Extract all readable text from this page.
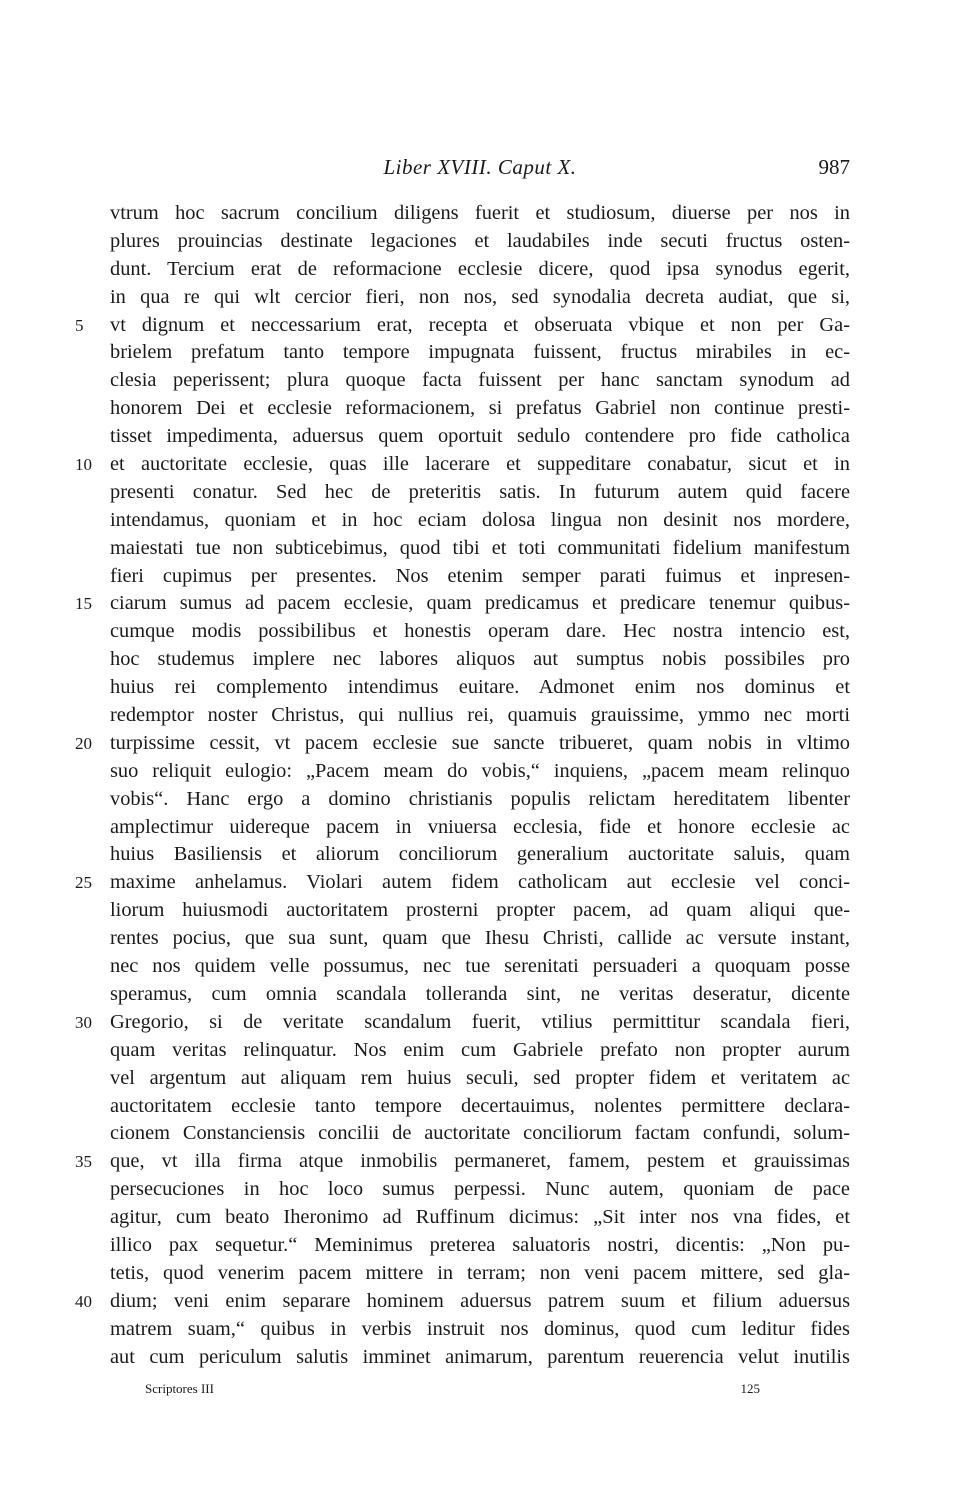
Liber XVIII. Caput X.	987
vtrum hoc sacrum concilium diligens fuerit et studiosum, diuerse per nos in
plures prouincias destinate legaciones et laudabiles inde secuti fructus osten-
dunt. Tercium erat de reformacione ecclesie dicere, quod ipsa synodus egerit,
in qua re qui wlt cercior fieri, non nos, sed synodalia decreta audiat, que si,
5	vt dignum et neccessarium erat, recepta et obseruata vbique et non per Ga-
brielem prefatum tanto tempore impugnata fuissent, fructus mirabiles in ec-
clesia peperissent; plura quoque facta fuissent per hanc sanctam synodum ad
honorem Dei et ecclesie reformacionem, si prefatus Gabriel non continue presti-
tisset impedimenta, aduersus quem oportuit sedulo contendere pro fide catholica
10 et auctoritate ecclesie, quas ille lacerare et suppeditare conabatur, sicut et in
presenti conatur. Sed hec de preteritis satis. In futurum autem quid facere
intendamus, quoniam et in hoc eciam dolosa lingua non desinit nos mordere,
maiestati tue non subticebimus, quod tibi et toti communitati fidelium manifestum
fieri cupimus per presentes. Nos etenim semper parati fuimus et inpresen-
15 ciarum sumus ad pacem ecclesie, quam predicamus et predicare tenemur quibus-
cumque modis possibilibus et honestis operam dare. Hec nostra intencio est,
hoc studemus implere nec labores aliquos aut sumptus nobis possibiles pro
huius rei complemento intendimus euitare. Admonet enim nos dominus et
redemptor noster Christus, qui nullius rei, quamuis grauissime, ymmo nec morti
20 turpissime cessit, vt pacem ecclesie sue sancte tribueret, quam nobis in vltimo
suo reliquit eulogio: „Pacem meam do vobis,“ inquiens, „pacem meam relinquo
vobis“. Hanc ergo a domino christianis populis relictam hereditatem libenter
amplectimur uidereque pacem in vniuersa ecclesia, fide et honore ecclesie ac
huius Basiliensis et aliorum conciliorum generalium auctoritate saluis, quam
25 maxime anhelamus. Violari autem fidem catholicam aut ecclesie vel conci-
liorum huiusmodi auctoritatem prosterni propter pacem, ad quam aliqui que-
rentes pocius, que sua sunt, quam que Ihesu Christi, callide ac versute instant,
nec nos quidem velle possumus, nec tue serenitati persuaderi a quoquam posse
speramus, cum omnia scandala tolleranda sint, ne veritas deseratur, dicente
30 Gregorio, si de veritate scandalum fuerit, vtilius permittitur scandala fieri,
quam veritas relinquatur. Nos enim cum Gabriele prefato non propter aurum
vel argentum aut aliquam rem huius seculi, sed propter fidem et veritatem ac
auctoritatem ecclesie tanto tempore decertauimus, nolentes permittere declara-
cionem Constanciensis concilii de auctoritate conciliorum factam confundi, solum-
35 que, vt illa firma atque inmobilis permaneret, famem, pestem et grauissimas
persecuciones in hoc loco sumus perpessi. Nunc autem, quoniam de pace
agitur, cum beato Iheronimo ad Ruffinum dicimus: „Sit inter nos vna fides, et
illico pax sequetur.“ Meminimus preterea saluatoris nostri, dicentis: „Non pu-
tetis, quod venerim pacem mittere in terram; non veni pacem mittere, sed gla-
40 dium; veni enim separare hominem aduersus patrem suum et filium aduersus
matrem suam,“ quibus in verbis instruit nos dominus, quod cum leditur fides
aut cum periculum salutis imminet animarum, parentum reuerencia velut inutilis
Scriptores III	125
